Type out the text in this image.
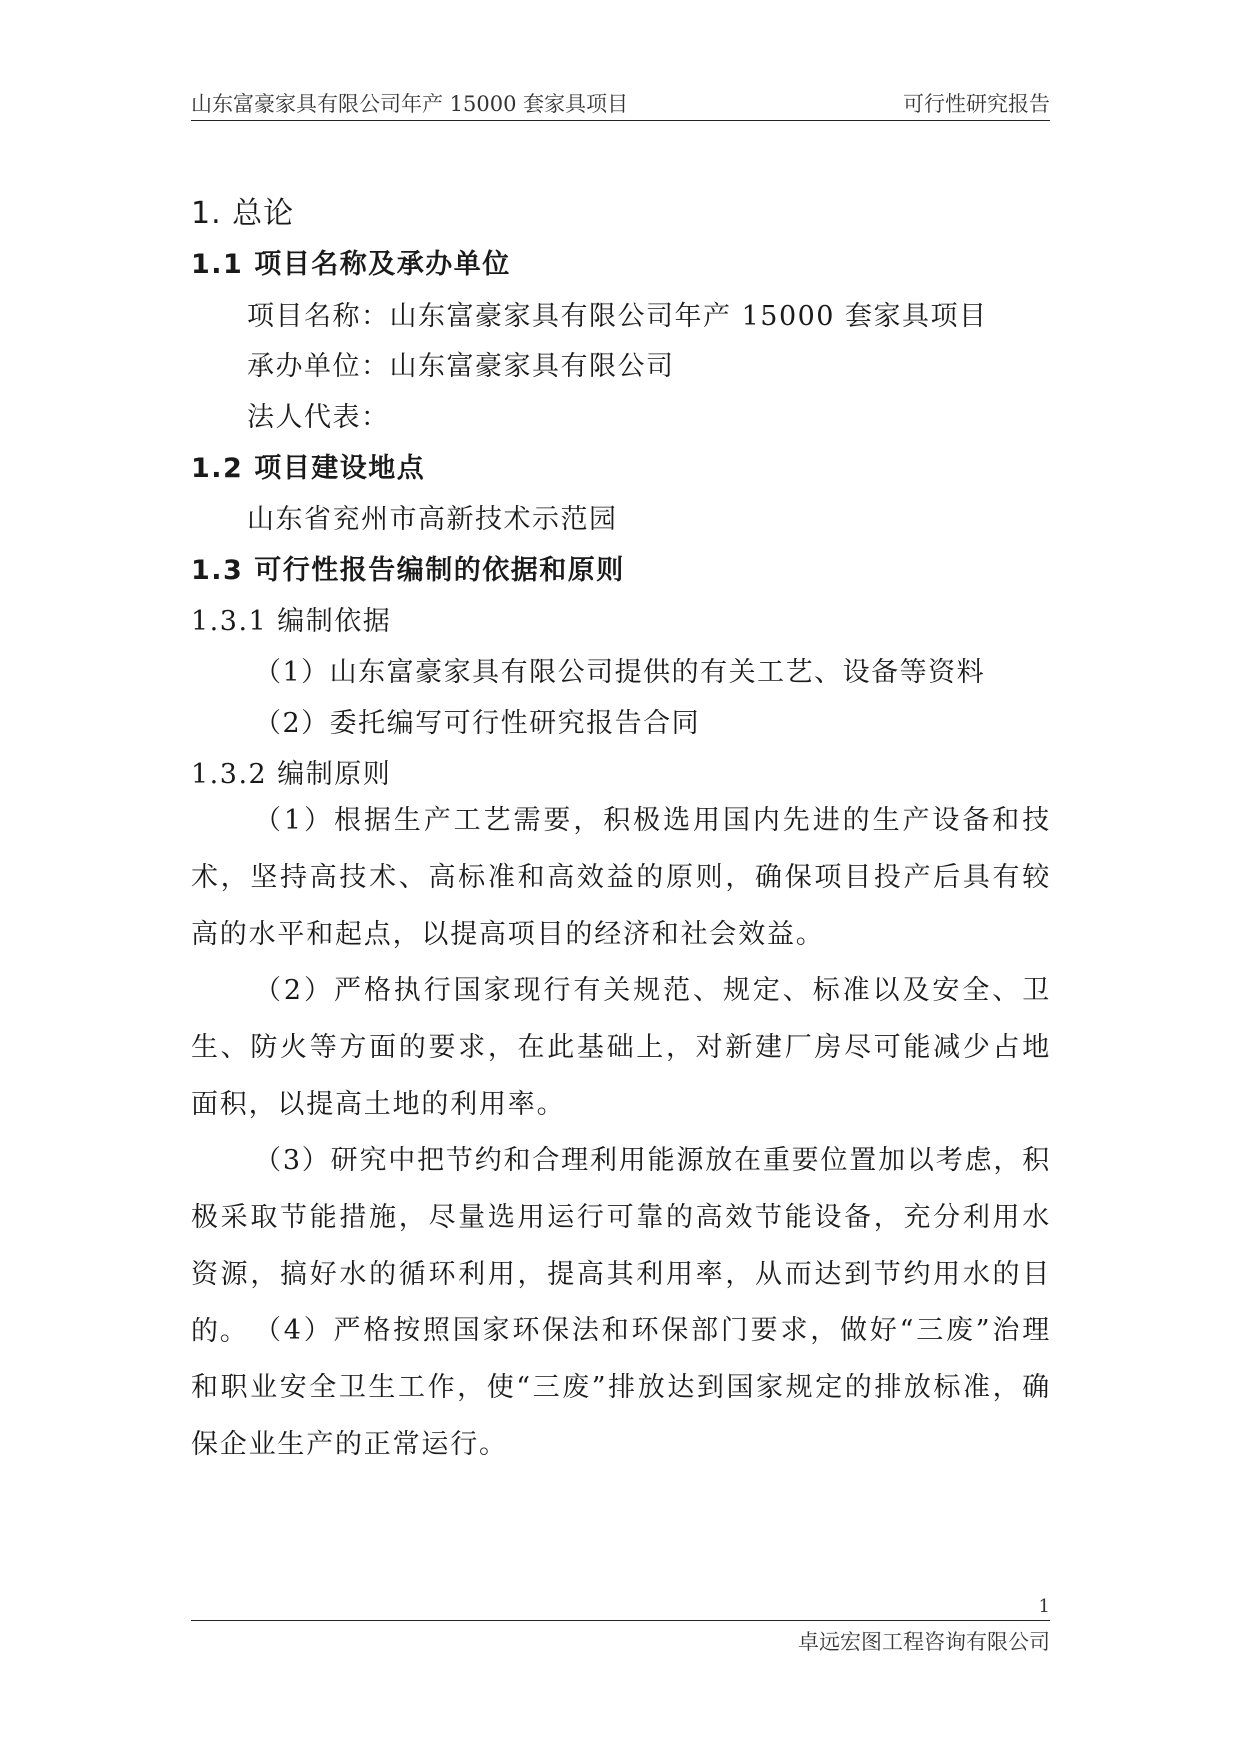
山东富豪家具有限公司年产 15000 套家具项目	可行性研究报告
1. 总论
1.1 项目名称及承办单位
项目名称：山东富豪家具有限公司年产 15000 套家具项目
承办单位：山东富豪家具有限公司
法人代表：
1.2 项目建设地点
山东省兖州市高新技术示范园
1.3 可行性报告编制的依据和原则
1.3.1 编制依据
（1）山东富豪家具有限公司提供的有关工艺、设备等资料
（2）委托编写可行性研究报告合同
1.3.2 编制原则
（1）根据生产工艺需要，积极选用国内先进的生产设备和技术，坚持高技术、高标准和高效益的原则，确保项目投产后具有较高的水平和起点，以提高项目的经济和社会效益。
（2）严格执行国家现行有关规范、规定、标准以及安全、卫生、防火等方面的要求，在此基础上，对新建厂房尽可能减少占地面积，以提高土地的利用率。
（3）研究中把节约和合理利用能源放在重要位置加以考虑，积极采取节能措施，尽量选用运行可靠的高效节能设备，充分利用水资源，搞好水的循环利用，提高其利用率，从而达到节约用水的目的。 （4）严格按照国家环保法和环保部门要求，做好“三废”治理和职业安全卫生工作，使“三废”排放达到国家规定的排放标准，确保企业生产的正常运行。
1
卓远宏图工程咨询有限公司
